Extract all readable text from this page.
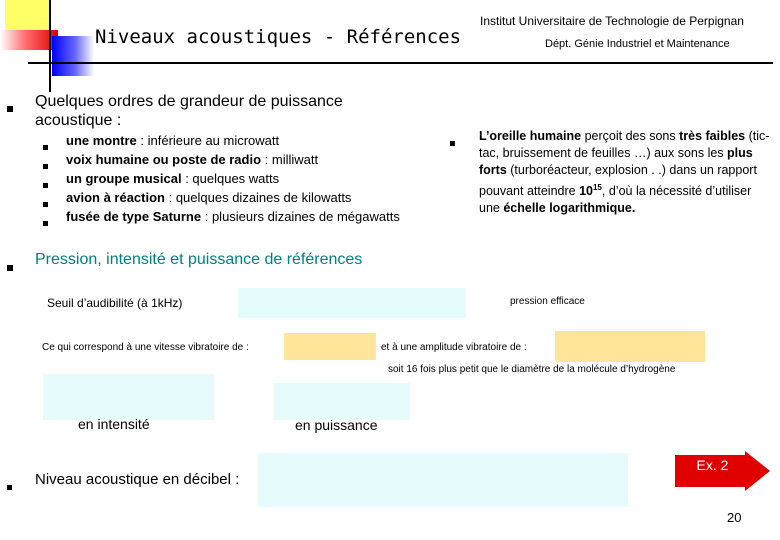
Niveaux acoustiques - Références
Institut Universitaire de Technologie de Perpignan
Dépt. Génie Industriel et Maintenance
Quelques ordres de grandeur de puissance
acoustique :
une montre : inférieure au microwatt
voix humaine ou poste de radio : milliwatt
un groupe musical : quelques watts
avion à réaction : quelques dizaines de kilowatts
fusée de type Saturne : plusieurs dizaines de mégawatts
L’oreille humaine perçoit des sons très faibles (tic-tac, bruissement de feuilles …) aux sons les plus forts (turboréacteur, explosion . .) dans un rapport pouvant atteindre $10^{15}$, d’où la nécessité d’utiliser une échelle logarithmique.
Pression, intensité et puissance de références
Seuil d’audibilité (à 1kHz)	pression efficace
Ce qui correspond à une vitesse vibratoire de :	et à une amplitude vibratoire de :
soit 16 fois plus petit que le diamètre de la molécule d’hydrogène
en intensité	en puissance
Niveau acoustique en décibel :
Ex. 2
20
